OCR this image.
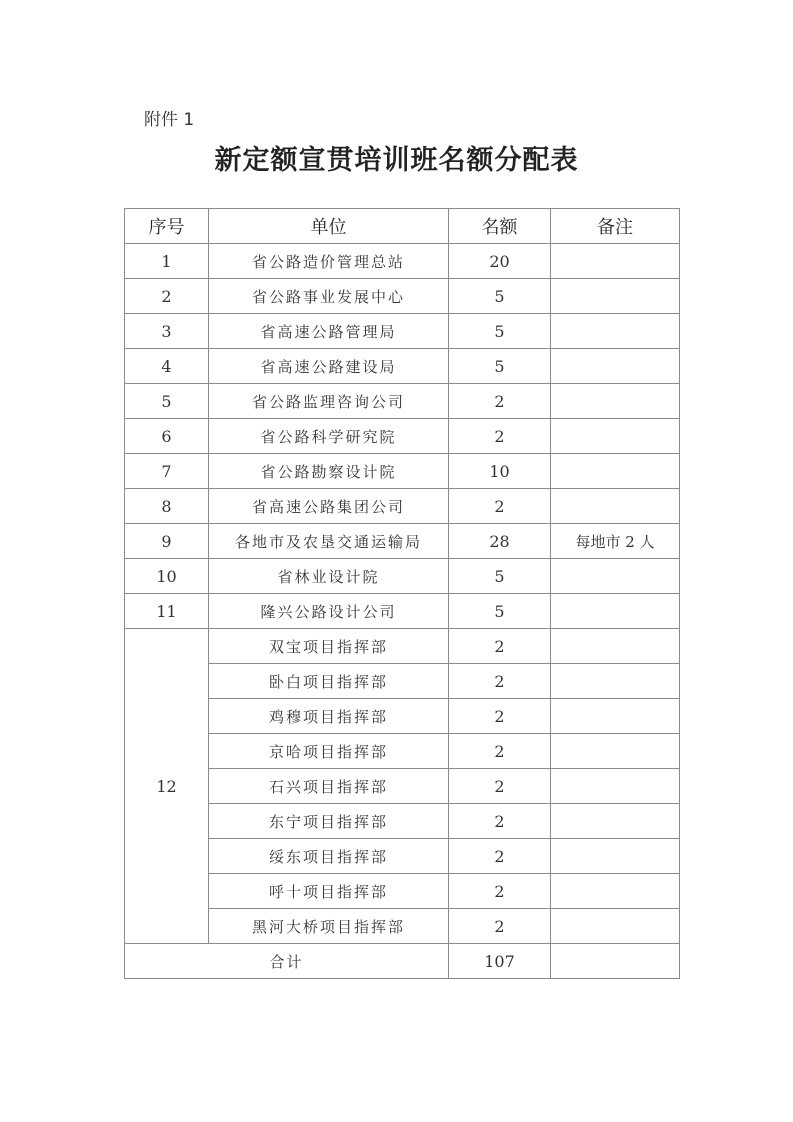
附件 1
新定额宣贯培训班名额分配表
序号	单位	名额	备注
1	省公路造价管理总站	20	
2	省公路事业发展中心	5	
3	省高速公路管理局	5	
4	省高速公路建设局	5	
5	省公路监理咨询公司	2	
6	省公路科学研究院	2	
7	省公路勘察设计院	10	
8	省高速公路集团公司	2	
9	各地市及农垦交通运输局	28	每地市 2 人
10	省林业设计院	5	
11	隆兴公路设计公司	5	
12	双宝项目指挥部	2	
	卧白项目指挥部	2	
	鸡穆项目指挥部	2	
	京哈项目指挥部	2	
	石兴项目指挥部	2	
	东宁项目指挥部	2	
	绥东项目指挥部	2	
	呼十项目指挥部	2	
	黑河大桥项目指挥部	2	
合计		107	
